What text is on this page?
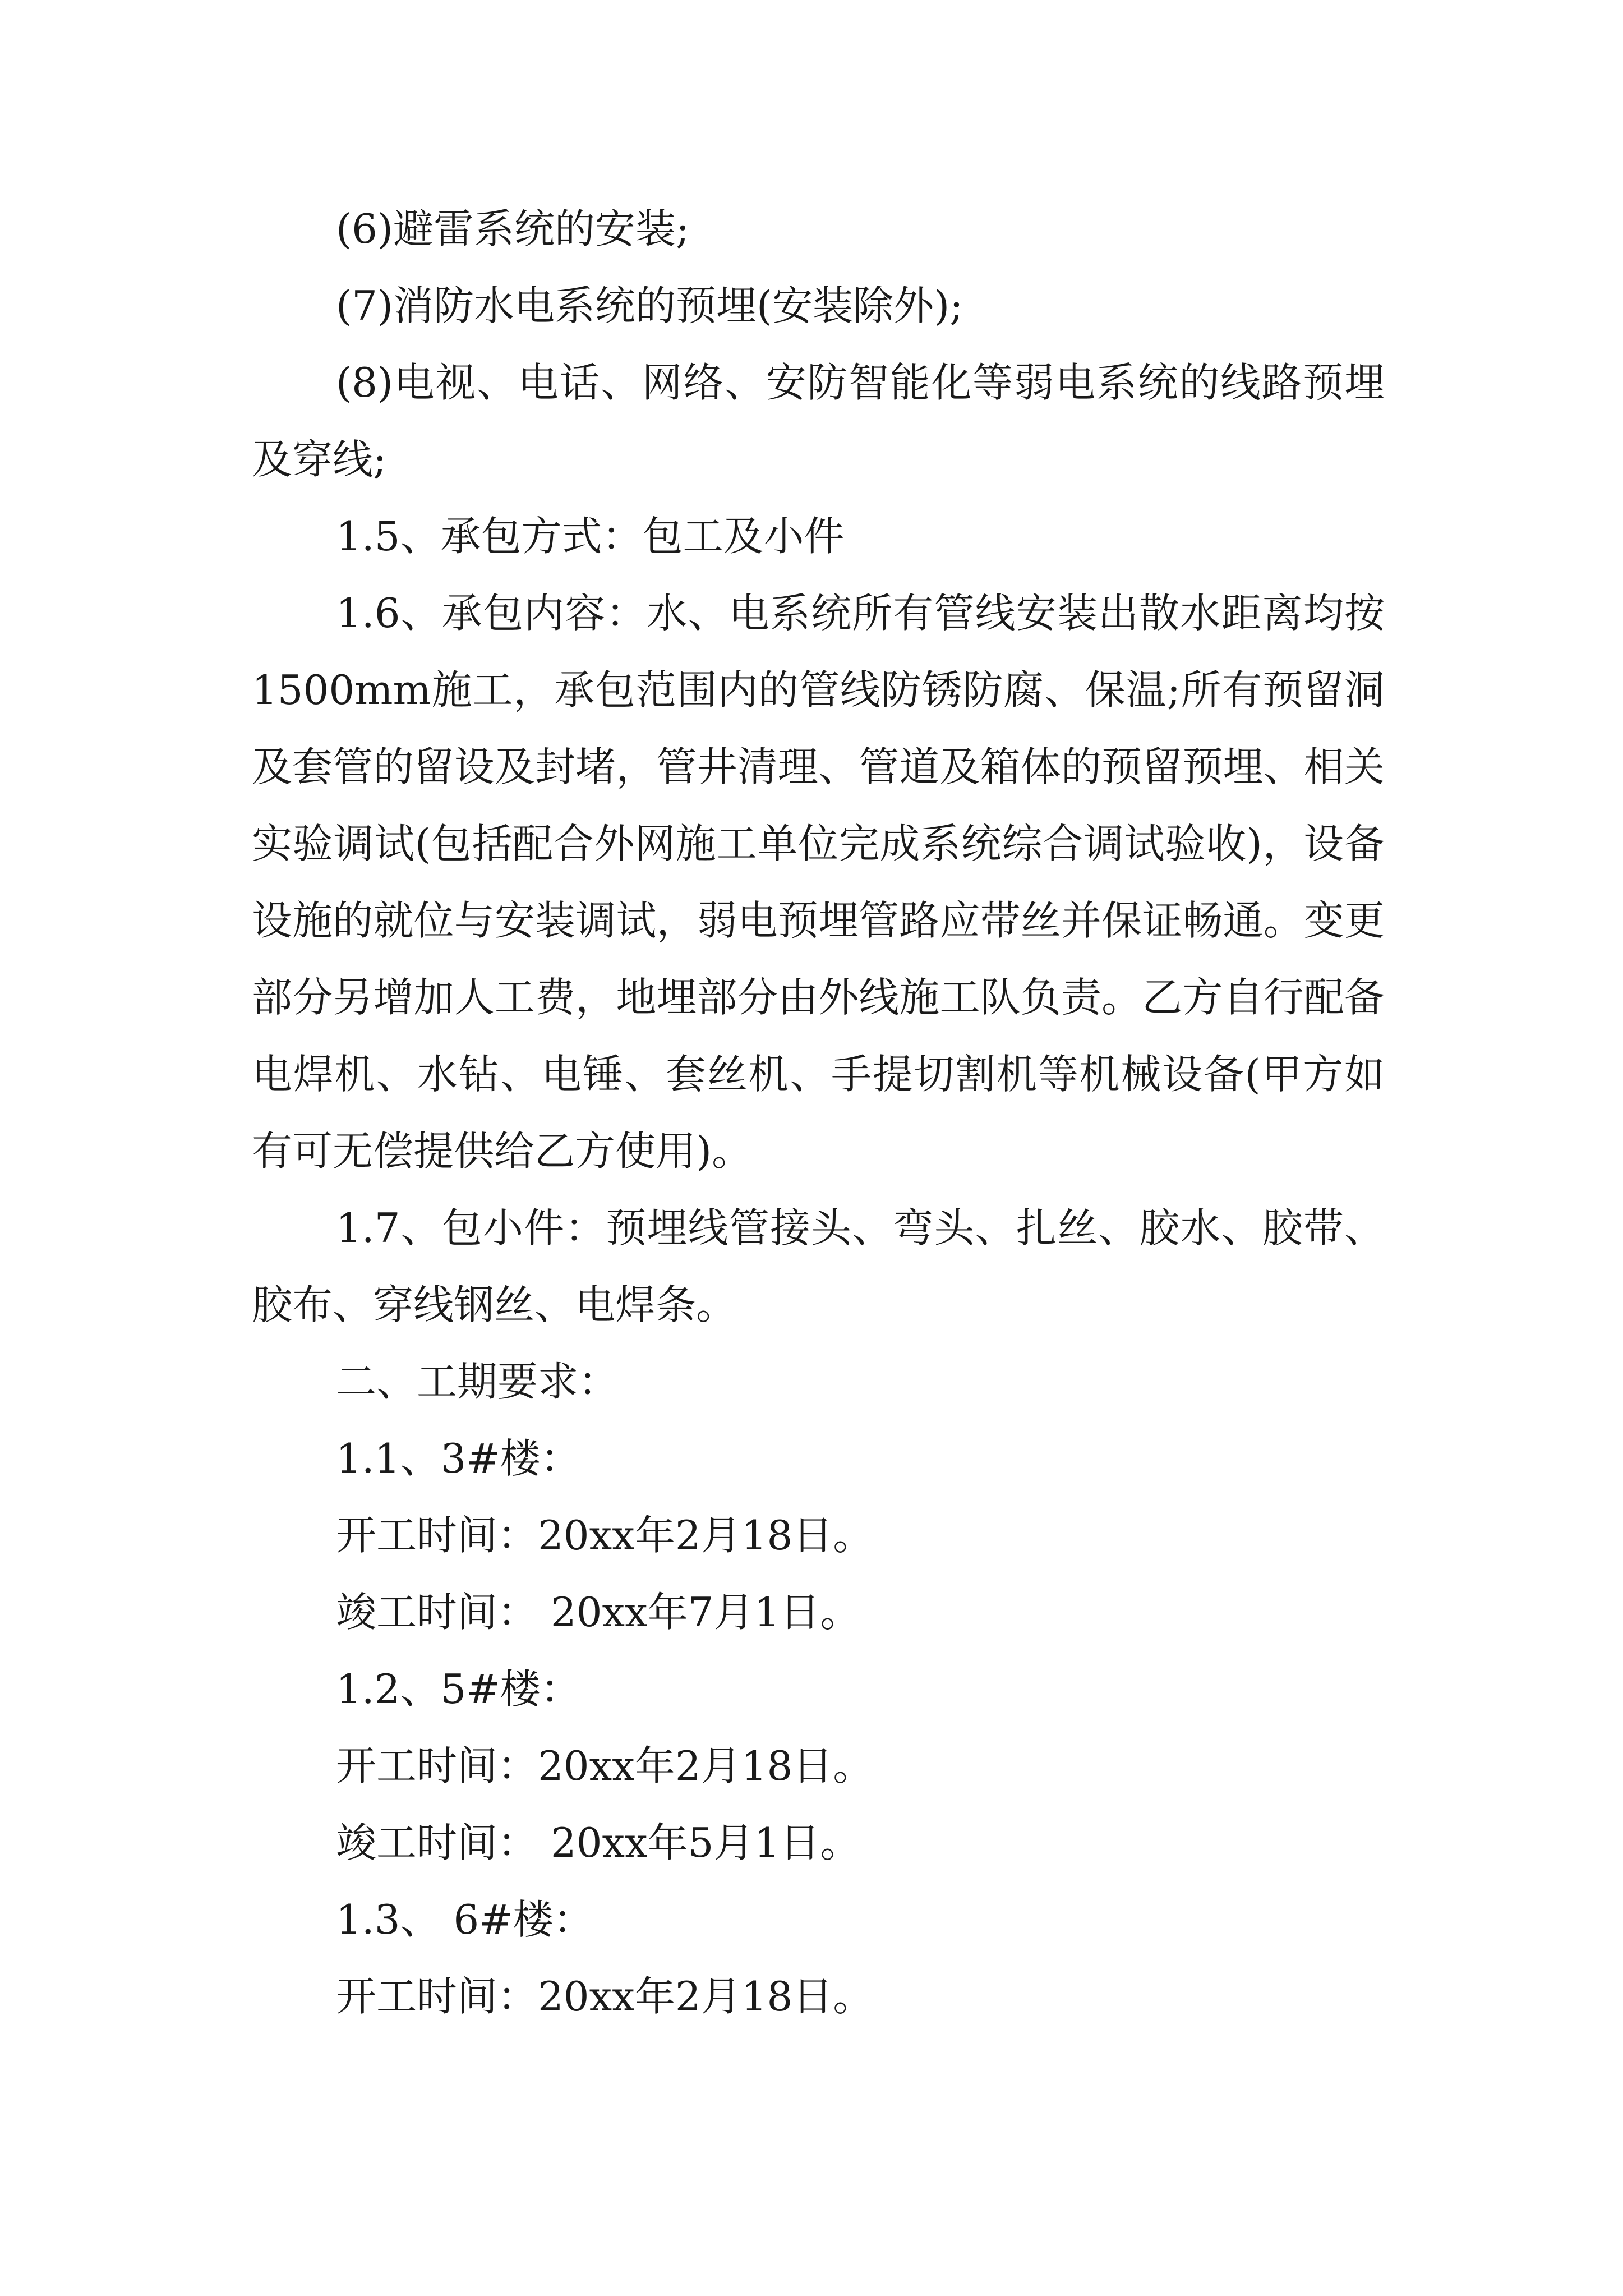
(6)避雷系统的安装;

(7)消防水电系统的预埋(安装除外);

(8)电视、电话、网络、安防智能化等弱电系统的线路预埋及穿线;

1.5、承包方式：包工及小件

1.6、承包内容：水、电系统所有管线安装出散水距离均按1500mm施工，承包范围内的管线防锈防腐、保温;所有预留洞及套管的留设及封堵，管井清理、管道及箱体的预留预埋、相关实验调试(包括配合外网施工单位完成系统综合调试验收)，设备设施的就位与安装调试，弱电预埋管路应带丝并保证畅通。变更部分另增加人工费，地埋部分由外线施工队负责。乙方自行配备电焊机、水钻、电锤、套丝机、手提切割机等机械设备(甲方如有可无偿提供给乙方使用)。

1.7、包小件：预埋线管接头、弯头、扎丝、胶水、胶带、胶布、穿线钢丝、电焊条。

二、工期要求：

1.1、3#楼：

开工时间：20xx年2月18日。

竣工时间： 20xx年7月1日。

1.2、5#楼：

开工时间：20xx年2月18日。

竣工时间： 20xx年5月1日。

1.3、 6#楼：

开工时间：20xx年2月18日。
